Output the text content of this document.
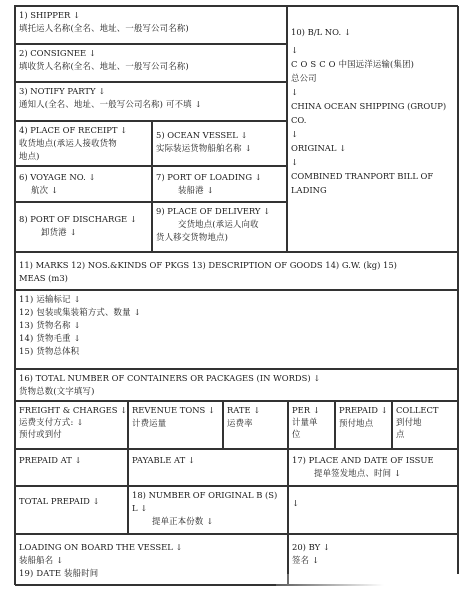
1) SHIPPER ↓
填托运人名称(全名、地址、一般写公司名称)
2) CONSIGNEE ↓
填收货人名称(全名、地址、一般写公司名称)
3) NOTIFY PARTY ↓
通知人(全名、地址、一般写公司名称) 可不填 ↓
4) PLACE OF RECEIPT ↓
收货地点(承运人接收货物
地点)
5) OCEAN VESSEL ↓
实际装运货物船舶名称 ↓
6) VOYAGE NO. ↓
航次 ↓
7) PORT OF LOADING ↓
装船港 ↓
8) PORT OF DISCHARGE ↓
卸货港 ↓
9) PLACE OF DELIVERY ↓
交货地点(承运人向收
货人移交货物地点)
10) B/L NO. ↓
↓
C O S C O 中国远洋运输(集团)
总公司
↓
CHINA OCEAN SHIPPING (GROUP)
CO.
↓
ORIGINAL ↓
↓
COMBINED TRANPORT BILL OF
LADING
11) MARKS 12) NOS.&KINDS OF PKGS 13) DESCRIPTION OF GOODS 14) G.W. (kg) 15)
MEAS (m3)
11) 运输标记 ↓
12) 包装或集装箱方式、数量 ↓
13) 货物名称 ↓
14) 货物毛重 ↓
15) 货物总体积
16) TOTAL NUMBER OF CONTAINERS OR PACKAGES (IN WORDS) ↓
货物总数(文字填写)
FREIGHT & CHARGES ↓
运费支付方式: ↓
预付或到付
REVENUE TONS ↓
计费运量
RATE ↓
运费率
PER ↓
计量单
位
PREPAID ↓
预付地点
COLLECT
到付地
点
PREPAID AT ↓	PAYABLE AT ↓	17) PLACE AND DATE OF ISSUE
提单签发地点、时间 ↓
TOTAL PREPAID ↓
18) NUMBER OF ORIGINAL B (S)
L ↓
提单正本份数 ↓
↓
LOADING ON BOARD THE VESSEL ↓
装船船名 ↓
19) DATE 装船时间
20) BY ↓
签名 ↓
